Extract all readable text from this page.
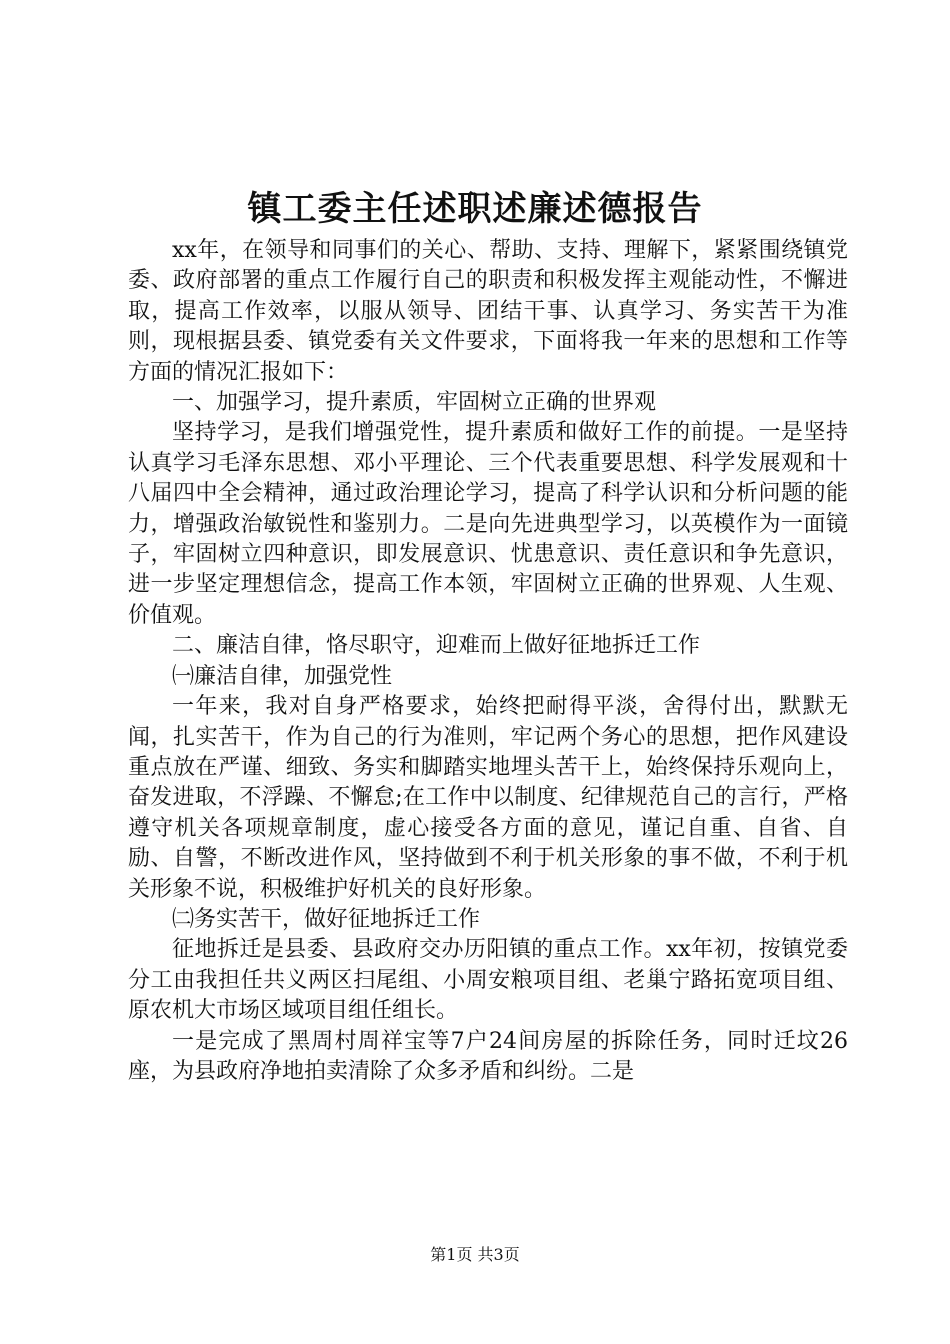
镇工委主任述职述廉述德报告

xx年，在领导和同事们的关心、帮助、支持、理解下，紧紧围绕镇党委、政府部署的重点工作履行自己的职责和积极发挥主观能动性，不懈进取，提高工作效率，以服从领导、团结干事、认真学习、务实苦干为准则，现根据县委、镇党委有关文件要求，下面将我一年来的思想和工作等方面的情况汇报如下：

一、加强学习，提升素质，牢固树立正确的世界观

坚持学习，是我们增强党性，提升素质和做好工作的前提。一是坚持认真学习毛泽东思想、邓小平理论、三个代表重要思想、科学发展观和十八届四中全会精神，通过政治理论学习，提高了科学认识和分析问题的能力，增强政治敏锐性和鉴别力。二是向先进典型学习，以英模作为一面镜子，牢固树立四种意识，即发展意识、忧患意识、责任意识和争先意识，进一步坚定理想信念，提高工作本领，牢固树立正确的世界观、人生观、价值观。

二、廉洁自律，恪尽职守，迎难而上做好征地拆迁工作

㈠廉洁自律，加强党性

一年来，我对自身严格要求，始终把耐得平淡，舍得付出，默默无闻，扎实苦干，作为自己的行为准则，牢记两个务心的思想，把作风建设重点放在严谨、细致、务实和脚踏实地埋头苦干上，始终保持乐观向上，奋发进取，不浮躁、不懈怠;在工作中以制度、纪律规范自己的言行，严格遵守机关各项规章制度，虚心接受各方面的意见，谨记自重、自省、自励、自警，不断改进作风，坚持做到不利于机关形象的事不做，不利于机关形象不说，积极维护好机关的良好形象。

㈡务实苦干，做好征地拆迁工作

征地拆迁是县委、县政府交办历阳镇的重点工作。xx年初，按镇党委分工由我担任共义两区扫尾组、小周安粮项目组、老巢宁路拓宽项目组、原农机大市场区域项目组任组长。

一是完成了黑周村周祥宝等7户24间房屋的拆除任务，同时迁坟26座，为县政府净地拍卖清除了众多矛盾和纠纷。二是

第1页 共3页
